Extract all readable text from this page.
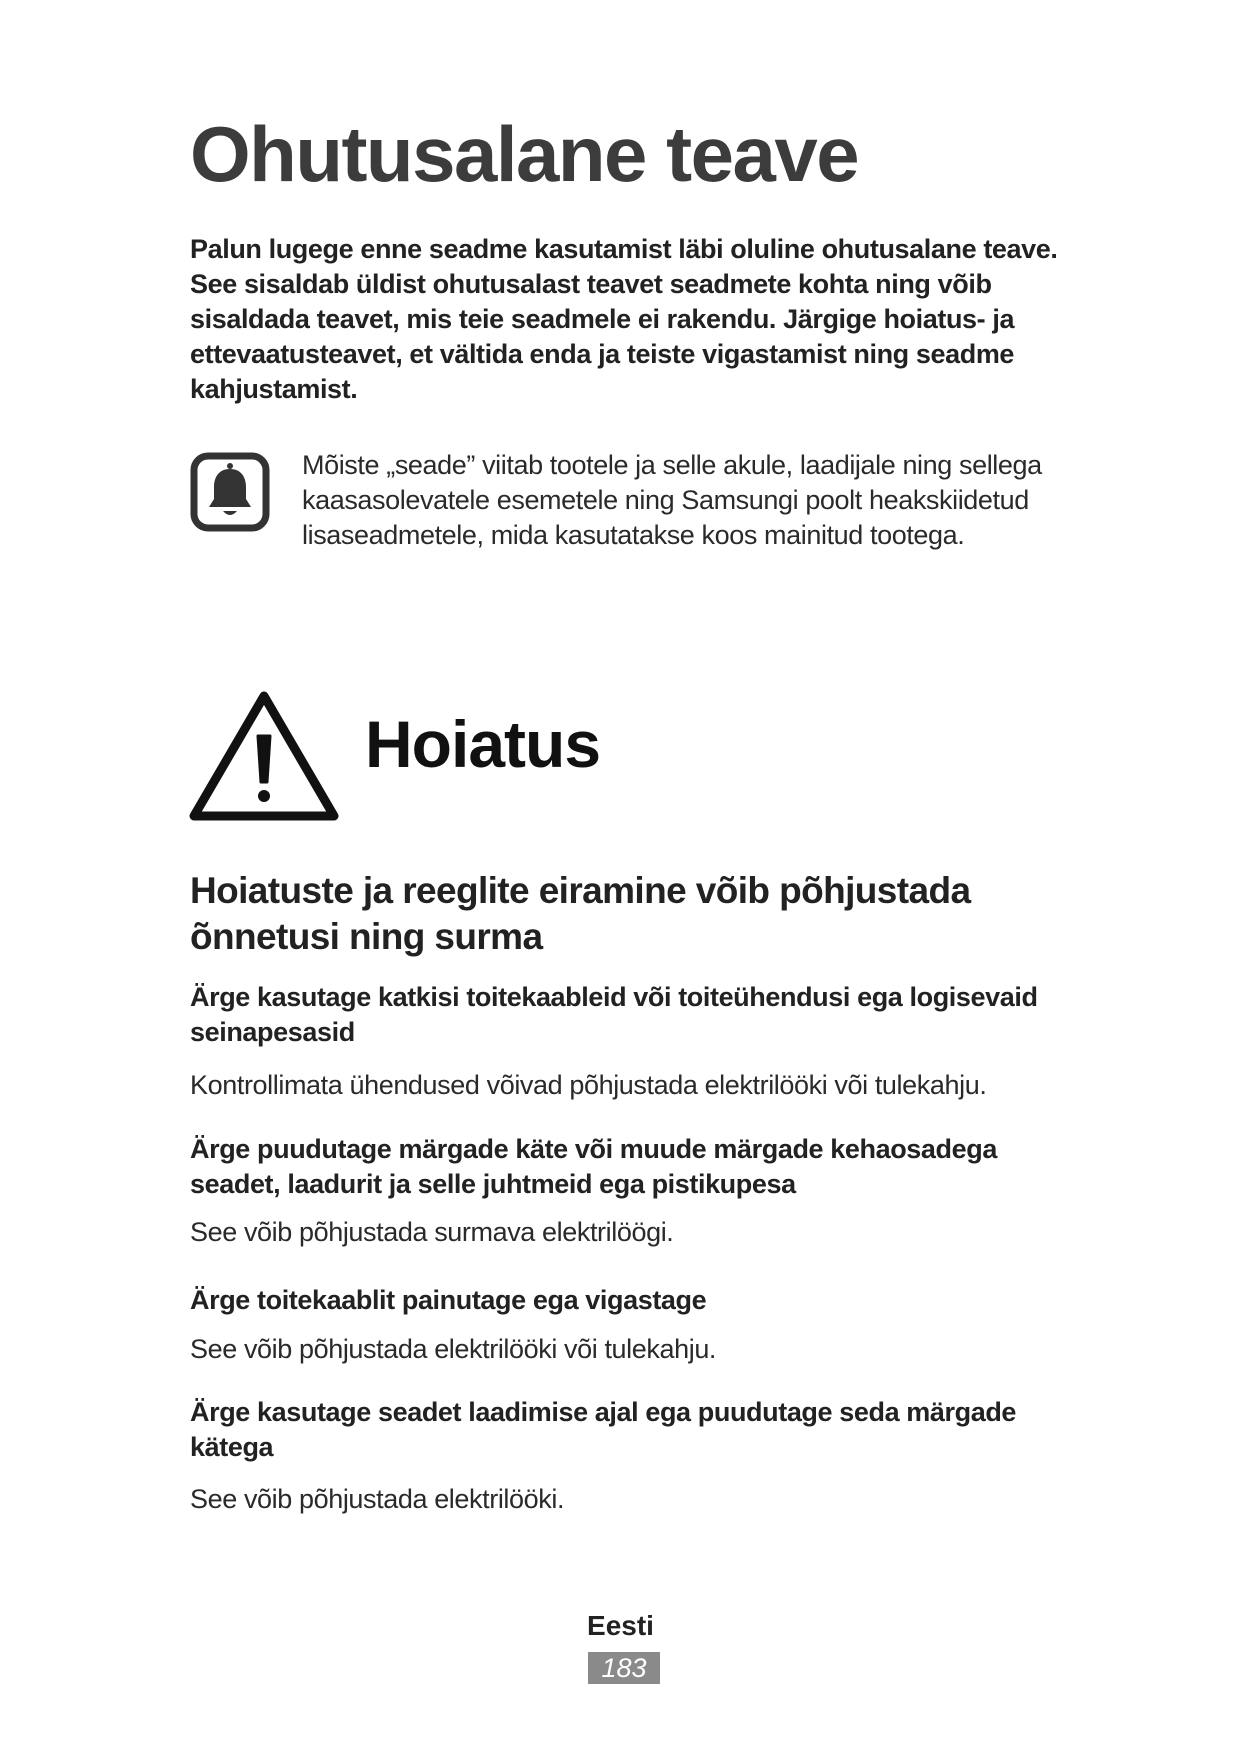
Ohutusalane teave

Palun lugege enne seadme kasutamist läbi oluline ohutusalane teave. See sisaldab üldist ohutusalast teavet seadmete kohta ning võib sisaldada teavet, mis teie seadmele ei rakendu. Järgige hoiatus- ja ettevaatusteavet, et vältida enda ja teiste vigastamist ning seadme kahjustamist.

Mõiste „seade” viitab tootele ja selle akule, laadijale ning sellega kaasasolevatele esemetele ning Samsungi poolt heakskiidetud lisaseadmetele, mida kasutatakse koos mainitud tootega.

Hoiatus
Hoiatuste ja reeglite eiramine võib põhjustada õnnetusi ning surma

Ärge kasutage katkisi toitekaableid või toiteühendusi ega logisevaid seinapesasid

Kontrollimata ühendused võivad põhjustada elektrilööki või tulekahju.

Ärge puudutage märgade käte või muude märgade kehaosadega seadet, laadurit ja selle juhtmeid ega pistikupesa

See võib põhjustada surmava elektrilöögi.

Ärge toitekaablit painutage ega vigastage

See võib põhjustada elektrilööki või tulekahju.

Ärge kasutage seadet laadimise ajal ega puudutage seda märgade kätega

See võib põhjustada elektrilööki.

Eesti

183
